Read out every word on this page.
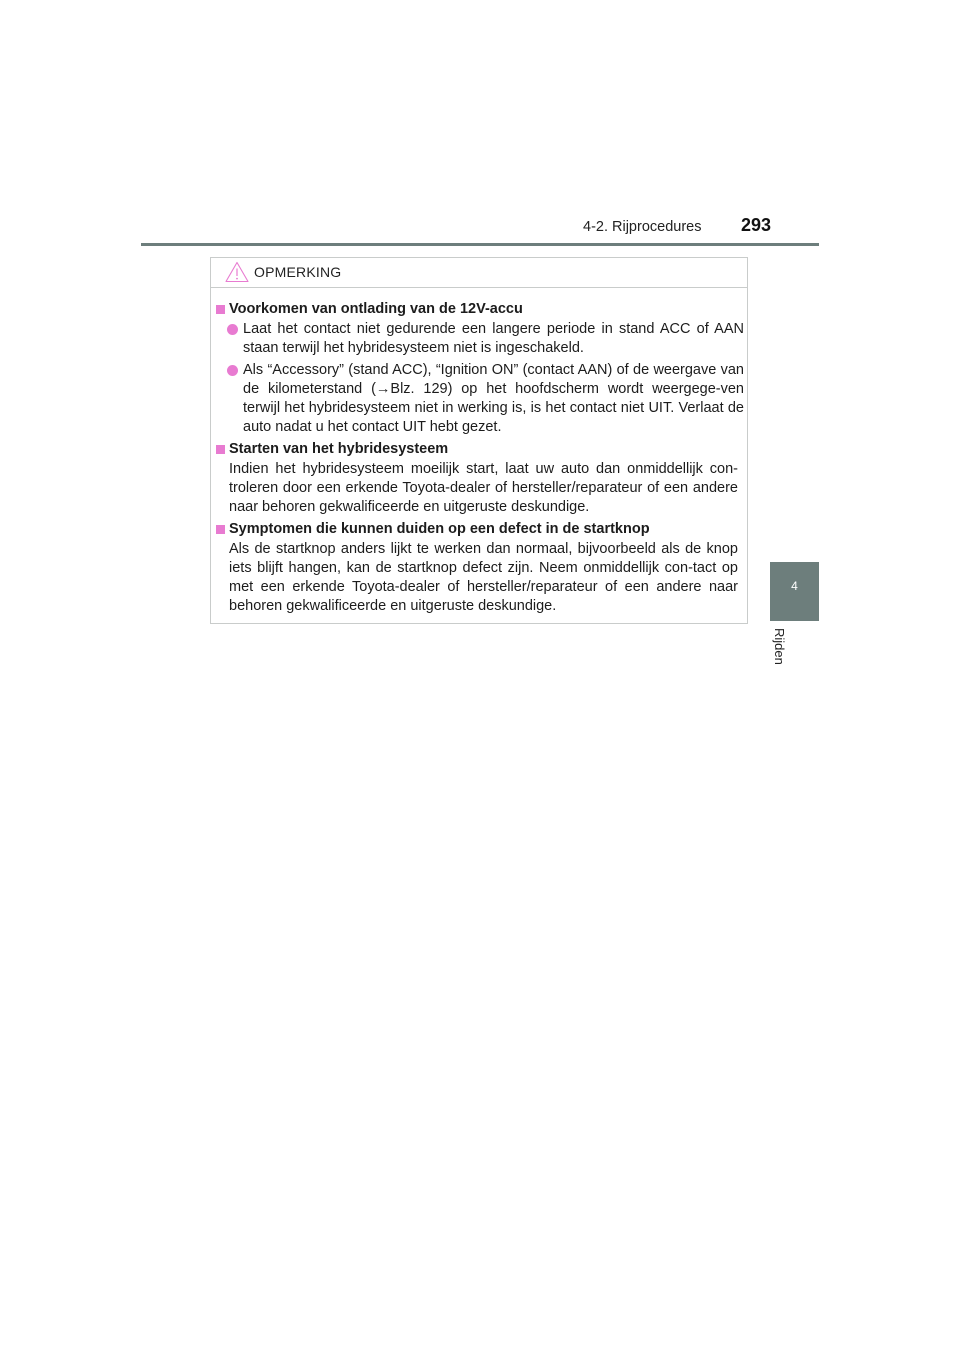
4-2. Rijprocedures 293
4
Rijden
OPMERKING
Voorkomen van ontlading van de 12V-accu
Laat het contact niet gedurende een langere periode in stand ACC of AAN staan terwijl het hybridesysteem niet is ingeschakeld.
Als “Accessory” (stand ACC), “Ignition ON” (contact AAN) of de weergave van de kilometerstand (→Blz. 129) op het hoofdscherm wordt weergege-ven terwijl het hybridesysteem niet in werking is, is het contact niet UIT. Verlaat de auto nadat u het contact UIT hebt gezet.
Starten van het hybridesysteem
Indien het hybridesysteem moeilijk start, laat uw auto dan onmiddellijk con-troleren door een erkende Toyota-dealer of hersteller/reparateur of een andere naar behoren gekwalificeerde en uitgeruste deskundige.
Symptomen die kunnen duiden op een defect in de startknop
Als de startknop anders lijkt te werken dan normaal, bijvoorbeeld als de knop iets blijft hangen, kan de startknop defect zijn. Neem onmiddellijk con-tact op met een erkende Toyota-dealer of hersteller/reparateur of een andere naar behoren gekwalificeerde en uitgeruste deskundige.
